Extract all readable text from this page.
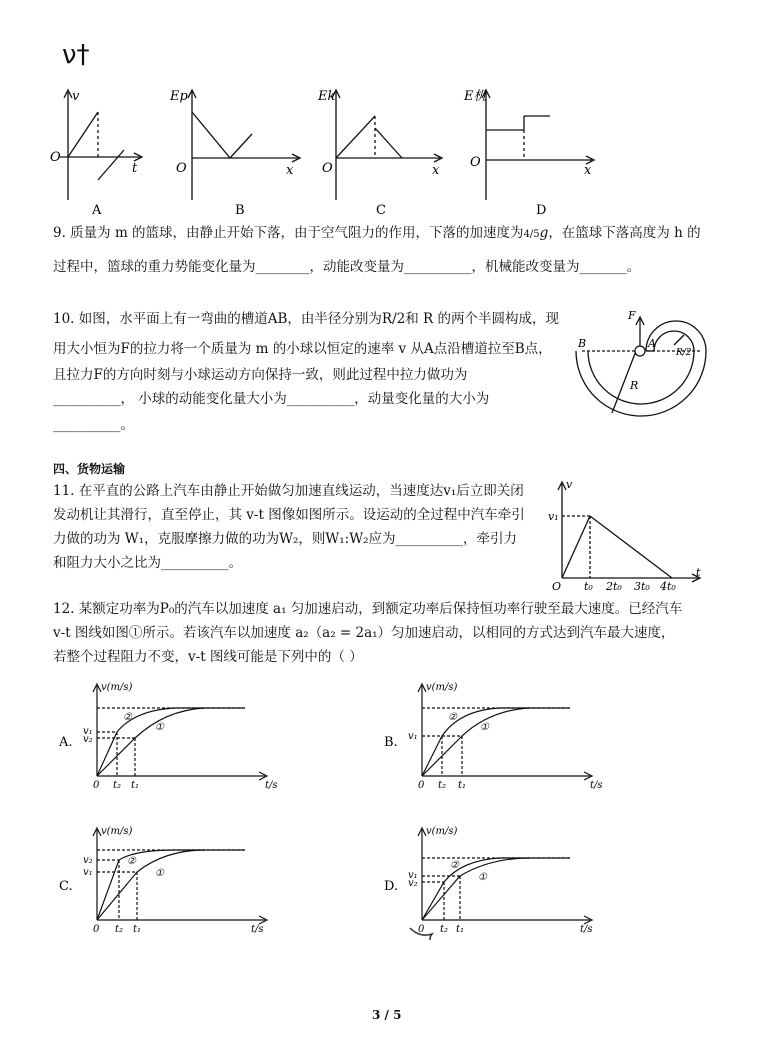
ν†
v
O
t
Ep
O	x
Ek
O	x
E机
O
x
A	B	C	D
9. 质量为 m 的篮球，由静止开始下落，由于空气阻力的作用，下落的加速度为4/5g，在篮球下落高度为 h 的
过程中，篮球的重力势能变化量为________，动能改变量为__________，机械能改变量为_______。
10. 如图，水平面上有一弯曲的槽道AB，由半径分别为R/2和 R 的两个半圆构成，现
用大小恒为F的拉力将一个质量为 m 的小球以恒定的速率 v 从A点沿槽道拉至B点，
且拉力F的方向时刻与小球运动方向保持一致，则此过程中拉力做功为
__________， 小球的动能变化量大小为__________，动量变化量的大小为
__________。
F
A
B
R
R/2
四、货物运输
11. 在平直的公路上汽车由静止开始做匀加速直线运动，当速度达v₁后立即关闭
发动机让其滑行，直至停止，其 v-t 图像如图所示。设运动的全过程中汽车牵引
力做的功为 W₁，克服摩擦力做的功为W₂，则W₁:W₂应为__________，牵引力
和阻力大小之比为__________。
v
v₁
O
t
t₀ 2t₀ 3t₀ 4t₀
12. 某额定功率为P₀的汽车以加速度 a₁ 匀加速启动，到额定功率后保持恒功率行驶至最大速度。已经汽车
v-t 图线如图①所示。若该汽车以加速度 a₂（a₂ = 2a₁）匀加速启动，以相同的方式达到汽车最大速度，
若整个过程阻力不变，v-t 图线可能是下列中的（ ）
v(m/s)
t/s
v₁
v₂
0 t₂ t₁
②
①
A.
v(m/s)
t/s
v₁
0 t₂ t₁
②
①
B.
v(m/s)
t/s
v₂
v₁
0 t₂ t₁
②
①
C.
v(m/s)
t/s
v₁
v₂
0 t₂ t₁
②
①
D.
3 / 5
